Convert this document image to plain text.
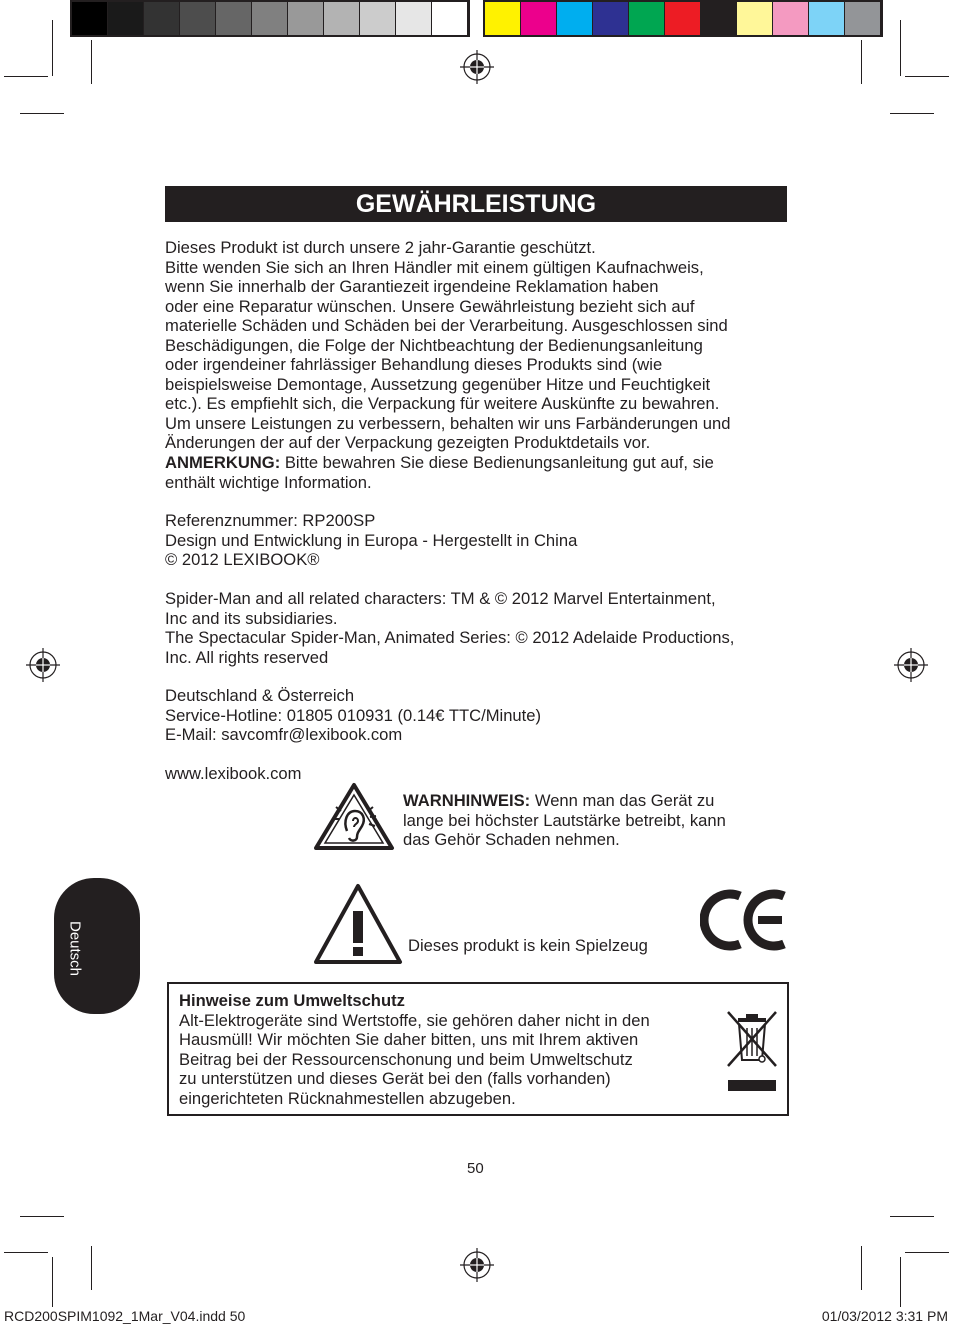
GEWÄHRLEISTUNG
Dieses Produkt ist durch unsere 2 jahr-Garantie geschützt.
Bitte wenden Sie sich an Ihren Händler mit einem gültigen Kaufnachweis,
wenn Sie innerhalb der Garantiezeit irgendeine Reklamation haben
oder eine Reparatur wünschen. Unsere Gewährleistung bezieht sich auf
materielle Schäden und Schäden bei der Verarbeitung. Ausgeschlossen sind
Beschädigungen, die Folge der Nichtbeachtung der Bedienungsanleitung
oder irgendeiner fahrlässiger Behandlung dieses Produkts sind (wie
beispielsweise Demontage, Aussetzung gegenüber Hitze und Feuchtigkeit
etc.). Es empfiehlt sich, die Verpackung für weitere Auskünfte zu bewahren.
Um unsere Leistungen zu verbessern, behalten wir uns Farbänderungen und
Änderungen der auf der Verpackung gezeigten Produktdetails vor.
ANMERKUNG: Bitte bewahren Sie diese Bedienungsanleitung gut auf, sie
enthält wichtige Information.
Referenznummer: RP200SP
Design und Entwicklung in Europa - Hergestellt in China
© 2012 LEXIBOOK®
Spider-Man and all related characters: TM & © 2012 Marvel Entertainment,
Inc and its subsidiaries.
The Spectacular Spider-Man, Animated Series: © 2012 Adelaide Productions,
Inc. All rights reserved
Deutschland & Österreich
Service-Hotline: 01805 010931 (0.14€ TTC/Minute)
E-Mail: savcomfr@lexibook.com
www.lexibook.com
WARNHINWEIS: Wenn man das Gerät zu
lange bei höchster Lautstärke betreibt, kann
das Gehör Schaden nehmen.
Deutsch	Dieses produkt is kein Spielzeug
Hinweise zum Umweltschutz
Alt-Elektrogeräte sind Wertstoffe, sie gehören daher nicht in den
Hausmüll! Wir möchten Sie daher bitten, uns mit Ihrem aktiven
Beitrag bei der Ressourcenschonung und beim Umweltschutz
zu unterstützen und dieses Gerät bei den (falls vorhanden)
eingerichteten Rücknahmestellen abzugeben.
50
RCD200SPIM1092_1Mar_V04.indd 50	01/03/2012 3:31 PM
